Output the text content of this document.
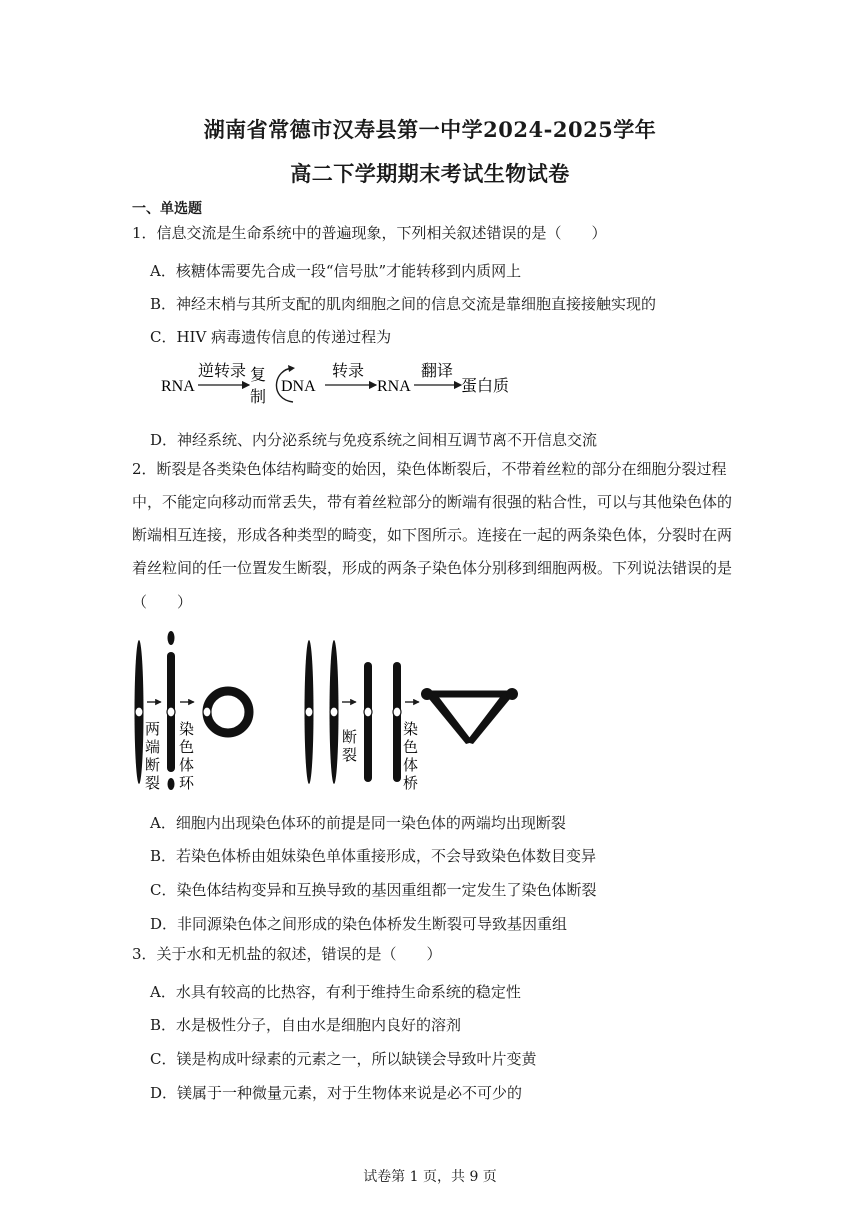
湖南省常德市汉寿县第一中学2024-2025学年
高二下学期期末考试生物试卷
一、单选题
1．信息交流是生命系统中的普遍现象，下列相关叙述错误的是（　　）
A．核糖体需要先合成一段“信号肽”才能转移到内质网上
B．神经末梢与其所支配的肌肉细胞之间的信息交流是靠细胞直接接触实现的
C．HIV 病毒遗传信息的传递过程为
RNA
逆转录 复
制
DNA
转录
RNA
翻译
蛋白质
D．神经系统、内分泌系统与免疫系统之间相互调节离不开信息交流
2．断裂是各类染色体结构畸变的始因，染色体断裂后，不带着丝粒的部分在细胞分裂过程
中，不能定向移动而常丢失，带有着丝粒部分的断端有很强的粘合性，可以与其他染色体的
断端相互连接，形成各种类型的畸变，如下图所示。连接在一起的两条染色体，分裂时在两
着丝粒间的任一位置发生断裂，形成的两条子染色体分别移到细胞两极。下列说法错误的是
（　　）
两
端
断
裂
染
色
体
环
断
裂
染
色
体
桥
A．细胞内出现染色体环的前提是同一染色体的两端均出现断裂
B．若染色体桥由姐妹染色单体重接形成，不会导致染色体数目变异
C．染色体结构变异和互换导致的基因重组都一定发生了染色体断裂
D．非同源染色体之间形成的染色体桥发生断裂可导致基因重组
3．关于水和无机盐的叙述，错误的是（　　）
A．水具有较高的比热容，有利于维持生命系统的稳定性
B．水是极性分子，自由水是细胞内良好的溶剂
C．镁是构成叶绿素的元素之一，所以缺镁会导致叶片变黄
D．镁属于一种微量元素，对于生物体来说是必不可少的
试卷第 1 页，共 9 页
